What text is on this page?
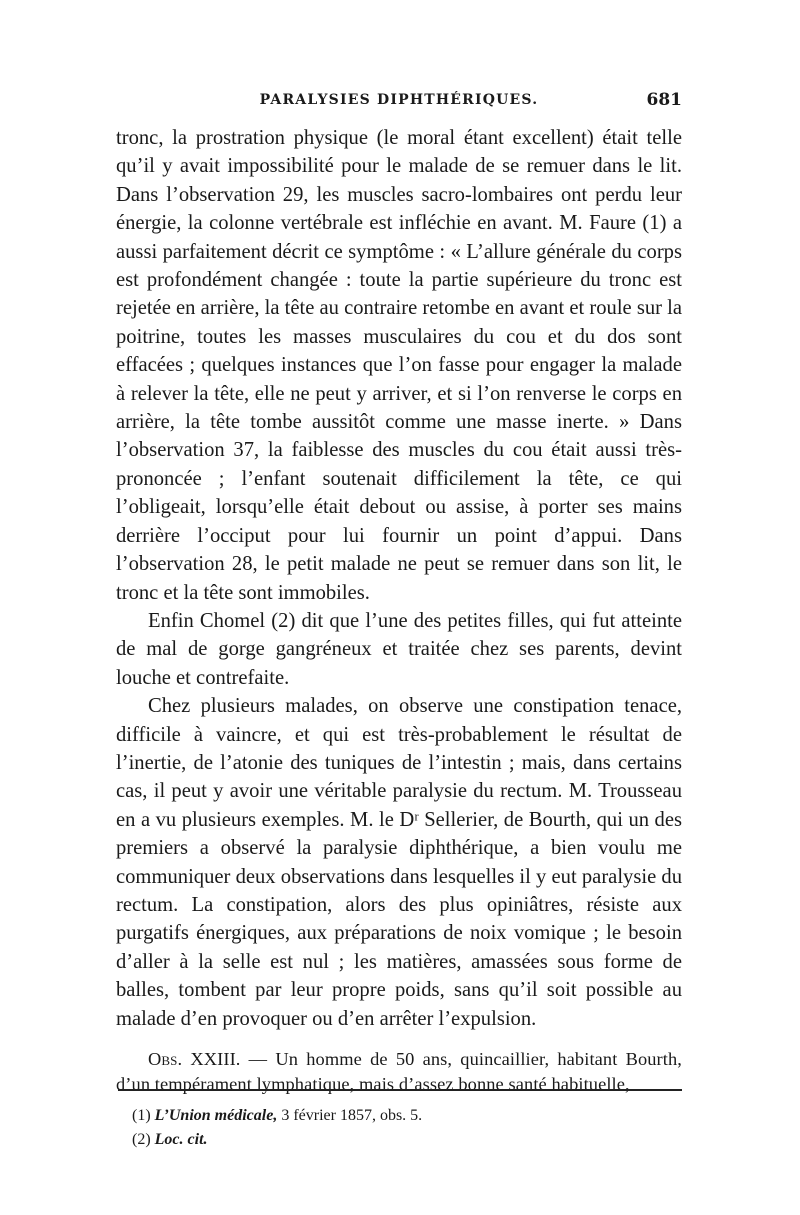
PARALYSIES DIPHTHÉRIQUES.	681

tronc, la prostration physique (le moral étant excellent) était telle qu’il y avait impossibilité pour le malade de se remuer dans le lit. Dans l’observation 29, les muscles sacro-lombaires ont perdu leur énergie, la colonne vertébrale est infléchie en avant. M. Faure (1) a aussi parfaitement décrit ce symptôme : « L’allure générale du corps est profondément changée : toute la partie supérieure du tronc est rejetée en arrière, la tête au contraire retombe en avant et roule sur la poitrine, toutes les masses musculaires du cou et du dos sont effacées ; quelques instances que l’on fasse pour engager la malade à relever la tête, elle ne peut y arriver, et si l’on renverse le corps en arrière, la tête tombe aussitôt comme une masse inerte. » Dans l’observation 37, la faiblesse des muscles du cou était aussi très-prononcée ; l’enfant soutenait difficilement la tête, ce qui l’obligeait, lorsqu’elle était debout ou assise, à porter ses mains derrière l’occiput pour lui fournir un point d’appui. Dans l’observation 28, le petit malade ne peut se remuer dans son lit, le tronc et la tête sont immobiles.

Enfin Chomel (2) dit que l’une des petites filles, qui fut atteinte de mal de gorge gangréneux et traitée chez ses parents, devint louche et contrefaite.

Chez plusieurs malades, on observe une constipation tenace, difficile à vaincre, et qui est très-probablement le résultat de l’inertie, de l’atonie des tuniques de l’intestin ; mais, dans certains cas, il peut y avoir une véritable paralysie du rectum. M. Trousseau en a vu plusieurs exemples. M. le Dʳ Sellerier, de Bourth, qui un des premiers a observé la paralysie diphthérique, a bien voulu me communiquer deux observations dans lesquelles il y eut paralysie du rectum. La constipation, alors des plus opiniâtres, résiste aux purgatifs énergiques, aux préparations de noix vomique ; le besoin d’aller à la selle est nul ; les matières, amassées sous forme de balles, tombent par leur propre poids, sans qu’il soit possible au malade d’en provoquer ou d’en arrêter l’expulsion.

Obs. XXIII. — Un homme de 50 ans, quincaillier, habitant Bourth, d’un tempérament lymphatique, mais d’assez bonne santé habituelle,

(1) L’Union médicale, 3 février 1857, obs. 5.

(2) Loc. cit.
